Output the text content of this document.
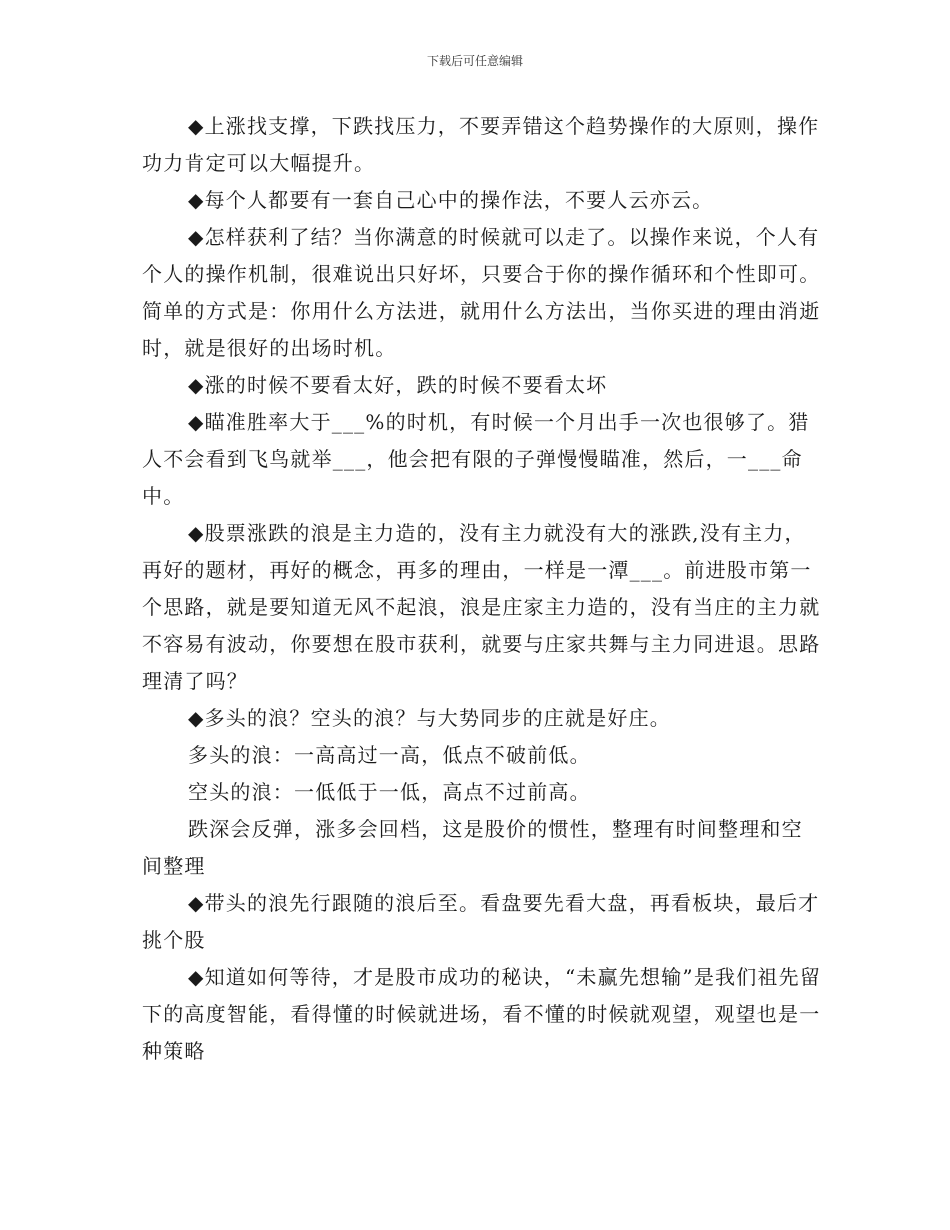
下载后可任意编辑

◆上涨找支撑，下跌找压力，不要弄错这个趋势操作的大原则，操作功力肯定可以大幅提升。

◆每个人都要有一套自己心中的操作法，不要人云亦云。

◆怎样获利了结？当你满意的时候就可以走了。以操作来说，个人有个人的操作机制，很难说出只好坏，只要合于你的操作循环和个性即可。简单的方式是：你用什么方法进，就用什么方法出，当你买进的理由消逝时，就是很好的出场时机。

◆涨的时候不要看太好，跌的时候不要看太坏

◆瞄准胜率大于___%的时机，有时候一个月出手一次也很够了。猎人不会看到飞鸟就举___，他会把有限的子弹慢慢瞄准，然后，一___命中。

◆股票涨跌的浪是主力造的，没有主力就没有大的涨跌,没有主力，再好的题材，再好的概念，再多的理由，一样是一潭___。前进股市第一个思路，就是要知道无风不起浪，浪是庄家主力造的，没有当庄的主力就不容易有波动，你要想在股市获利，就要与庄家共舞与主力同进退。思路理清了吗？

◆多头的浪？空头的浪？与大势同步的庄就是好庄。

多头的浪：一高高过一高，低点不破前低。

空头的浪：一低低于一低，高点不过前高。

跌深会反弹，涨多会回档，这是股价的惯性，整理有时间整理和空间整理

◆带头的浪先行跟随的浪后至。看盘要先看大盘，再看板块，最后才挑个股

◆知道如何等待，才是股市成功的秘诀，“未赢先想输”是我们祖先留下的高度智能，看得懂的时候就进场，看不懂的时候就观望，观望也是一种策略
